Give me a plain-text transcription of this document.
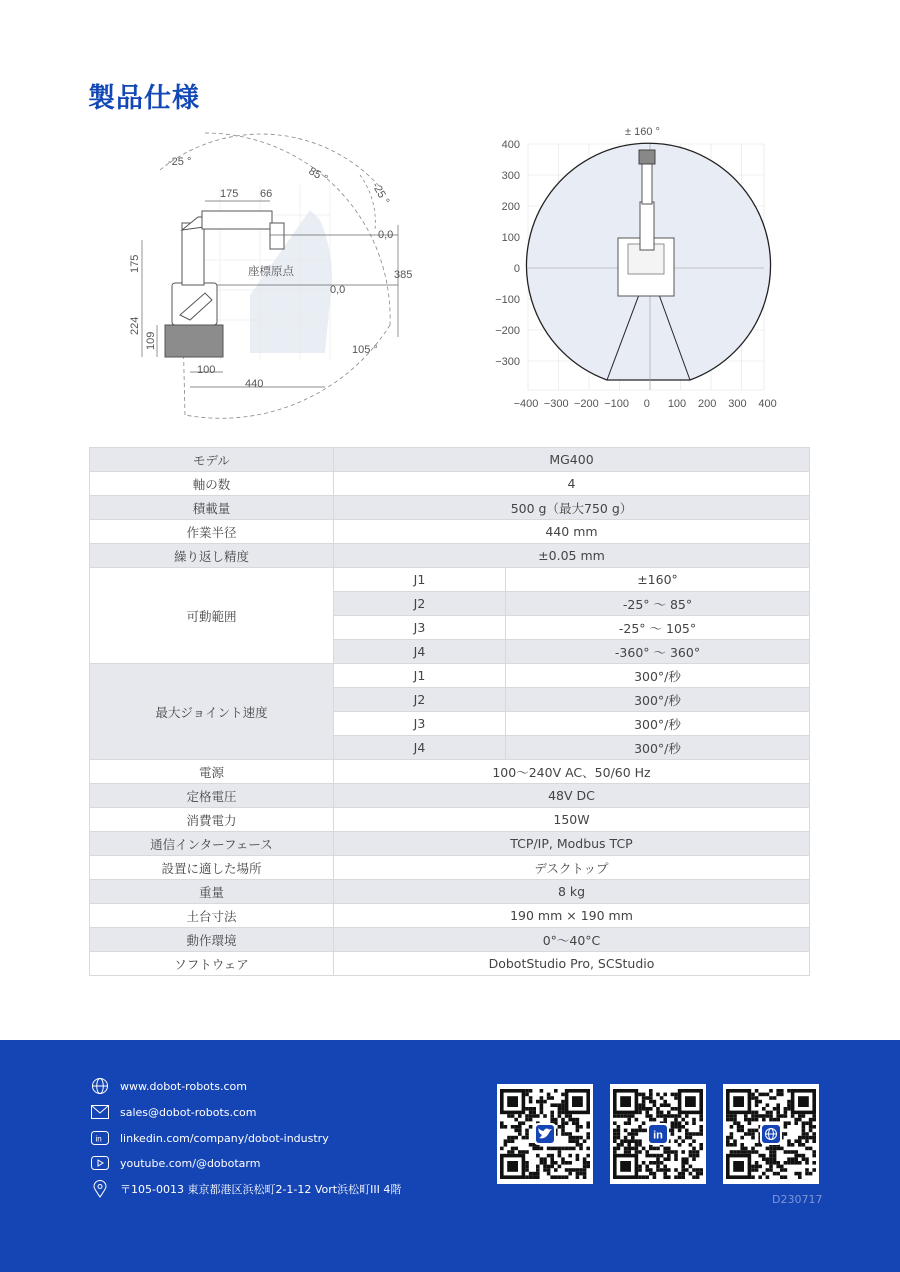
製品仕様
-25 °
85 °
-25 °
105 °
175 66
0,0
0,0
385
175
224
109
100
440
座標原点
± 160 °
400
300
200
100
0
−100
−200
−300
−400 −300 −200 −100 0 100 200 300 400
モデル	MG400	
軸の数	4	
積載量	500 g（最大750 g）	
作業半径	440 mm	
繰り返し精度	±0.05 mm	
可動範囲	J1	±160°
	J2	-25° ～ 85°
	J3	-25° ～ 105°
	J4	-360° ～ 360°
最大ジョイント速度	J1	300°/秒
	J2	300°/秒
	J3	300°/秒
	J4	300°/秒
電源	100～240V AC、50/60 Hz	
定格電圧	48V DC	
消費電力	150W	
通信インターフェース	TCP/IP, Modbus TCP	
設置に適した場所	デスクトップ	
重量	8 kg	
土台寸法	190 mm × 190 mm	
動作環境	0°～40°C	
ソフトウェア	DobotStudio Pro, SCStudio	
www.dobot-robots.com
sales@dobot-robots.com
in linkedin.com/company/dobot-industry
youtube.com/@dobotarm
〒105-0013 東京都港区浜松町2-1-12 Vort浜松町III 4階
in
D230717
